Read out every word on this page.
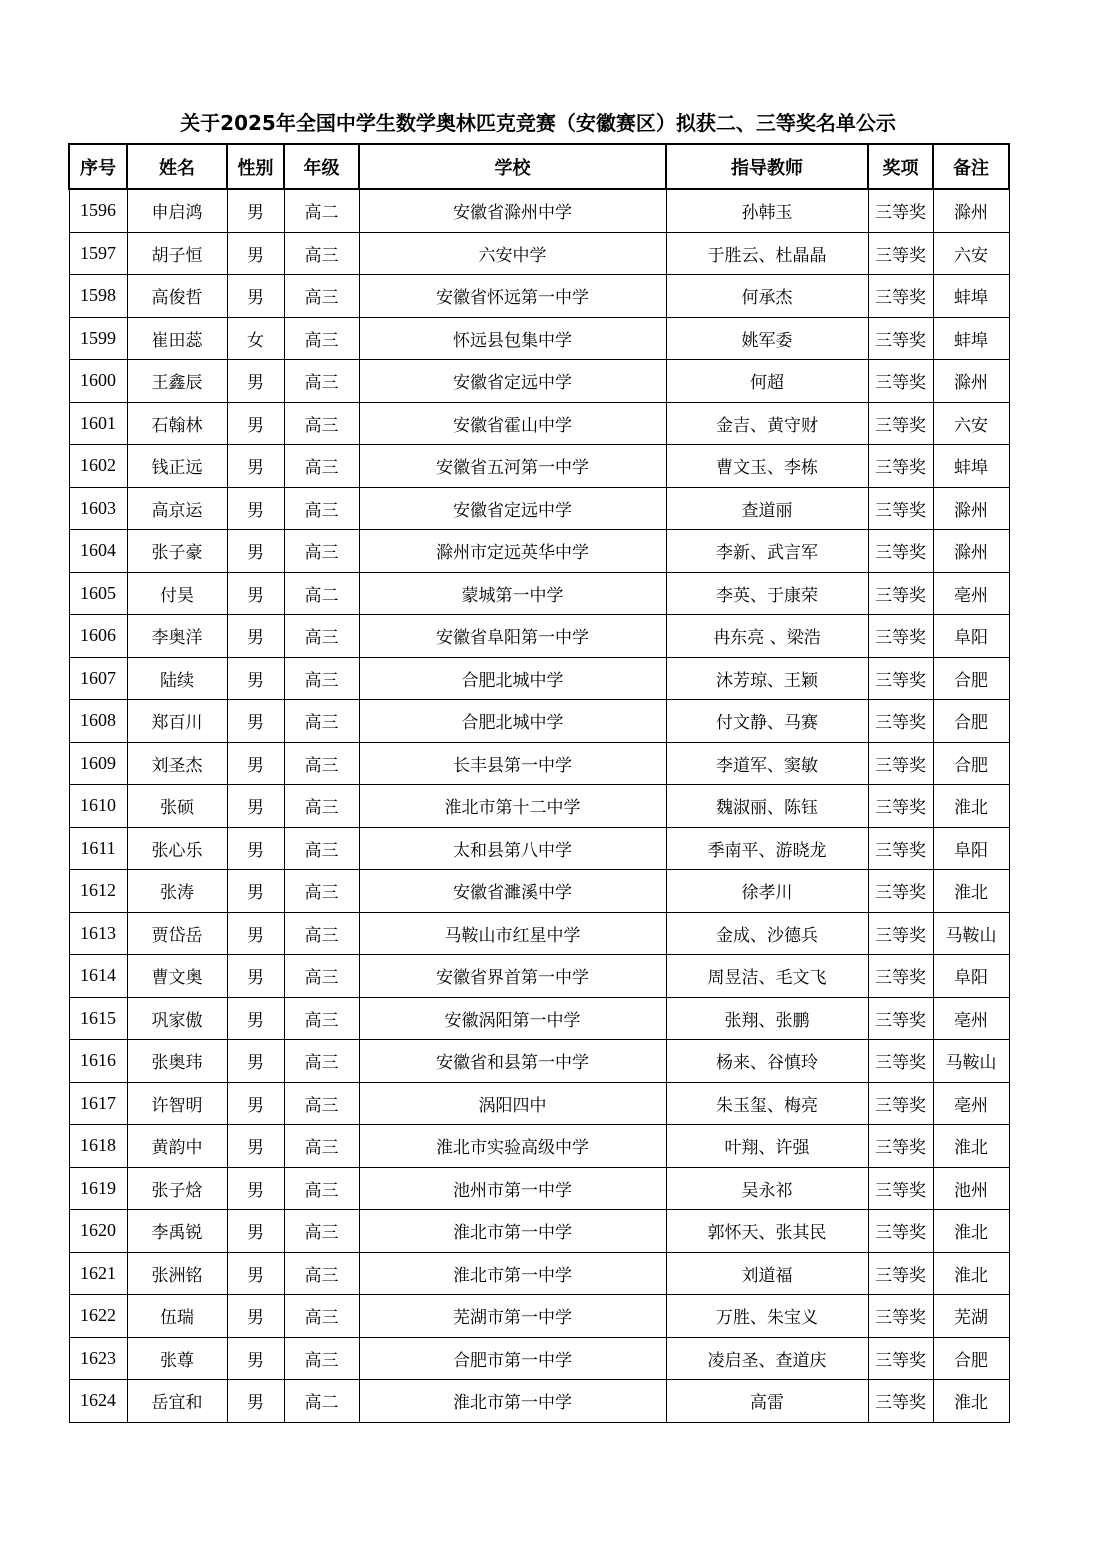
关于2025年全国中学生数学奥林匹克竞赛（安徽赛区）拟获二、三等奖名单公示
序号	姓名	性别	年级	学校	指导教师	奖项	备注
1596	申启鸿	男	高二	安徽省滁州中学	孙韩玉	三等奖	滁州
1597	胡子恒	男	高三	六安中学	于胜云、杜晶晶	三等奖	六安
1598	高俊哲	男	高三	安徽省怀远第一中学	何承杰	三等奖	蚌埠
1599	崔田蕊	女	高三	怀远县包集中学	姚军委	三等奖	蚌埠
1600	王鑫辰	男	高三	安徽省定远中学	何超	三等奖	滁州
1601	石翰林	男	高三	安徽省霍山中学	金吉、黄守财	三等奖	六安
1602	钱正远	男	高三	安徽省五河第一中学	曹文玉、李栋	三等奖	蚌埠
1603	高京运	男	高三	安徽省定远中学	查道丽	三等奖	滁州
1604	张子豪	男	高三	滁州市定远英华中学	李新、武言军	三等奖	滁州
1605	付昊	男	高二	蒙城第一中学	李英、于康荣	三等奖	亳州
1606	李奥洋	男	高三	安徽省阜阳第一中学	冉东亮 、梁浩	三等奖	阜阳
1607	陆续	男	高三	合肥北城中学	沐芳琼、王颖	三等奖	合肥
1608	郑百川	男	高三	合肥北城中学	付文静、马赛	三等奖	合肥
1609	刘圣杰	男	高三	长丰县第一中学	李道军、窦敏	三等奖	合肥
1610	张硕	男	高三	淮北市第十二中学	魏淑丽、陈钰	三等奖	淮北
1611	张心乐	男	高三	太和县第八中学	季南平、游晓龙	三等奖	阜阳
1612	张涛	男	高三	安徽省濉溪中学	徐孝川	三等奖	淮北
1613	贾岱岳	男	高三	马鞍山市红星中学	金成、沙德兵	三等奖	马鞍山
1614	曹文奥	男	高三	安徽省界首第一中学	周昱洁、毛文飞	三等奖	阜阳
1615	巩家傲	男	高三	安徽涡阳第一中学	张翔、张鹏	三等奖	亳州
1616	张奥玮	男	高三	安徽省和县第一中学	杨来、谷慎玲	三等奖	马鞍山
1617	许智明	男	高三	涡阳四中	朱玉玺、梅亮	三等奖	亳州
1618	黄韵中	男	高三	淮北市实验高级中学	叶翔、许强	三等奖	淮北
1619	张子焓	男	高三	池州市第一中学	吴永祁	三等奖	池州
1620	李禹锐	男	高三	淮北市第一中学	郭怀天、张其民	三等奖	淮北
1621	张洲铭	男	高三	淮北市第一中学	刘道福	三等奖	淮北
1622	伍瑞	男	高三	芜湖市第一中学	万胜、朱宝义	三等奖	芜湖
1623	张尊	男	高三	合肥市第一中学	凌启圣、查道庆	三等奖	合肥
1624	岳宜和	男	高二	淮北市第一中学	高雷	三等奖	淮北
